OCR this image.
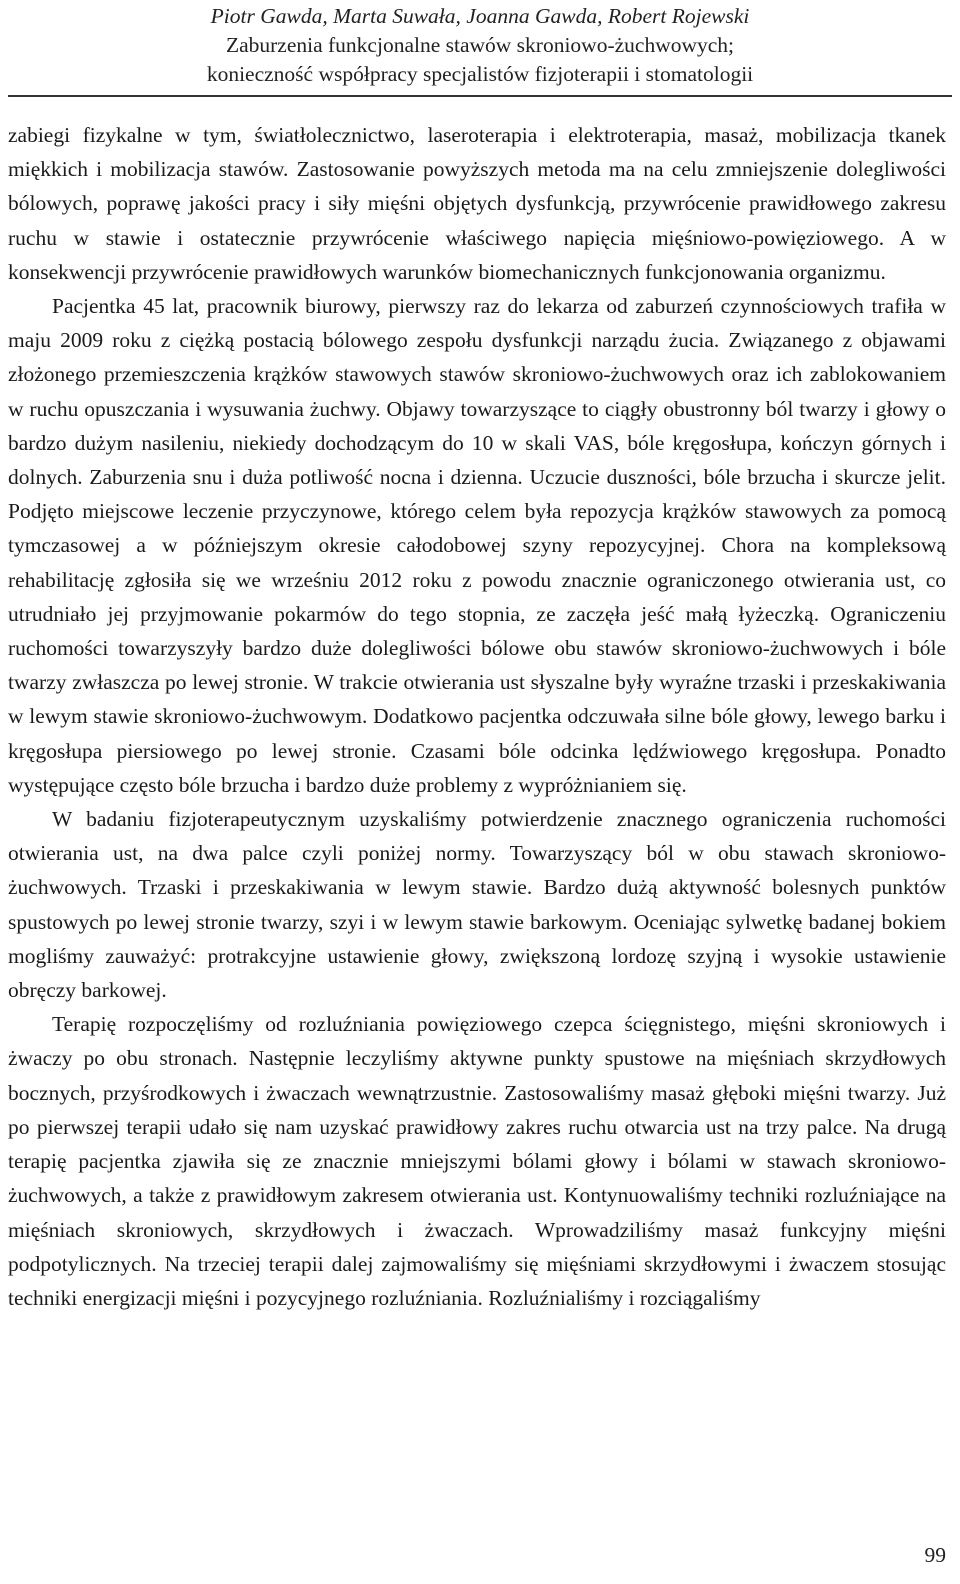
Piotr Gawda, Marta Suwała, Joanna Gawda, Robert Rojewski
Zaburzenia funkcjonalne stawów skroniowo-żuchwowych;
konieczność współpracy specjalistów fizjoterapii i stomatologii

zabiegi fizykalne w tym, światłolecznictwo, laseroterapia i elektroterapia, masaż, mobilizacja tkanek miękkich i mobilizacja stawów. Zastosowanie powyższych metoda ma na celu zmniejszenie dolegliwości bólowych, poprawę jakości pracy i siły mięśni objętych dysfunkcją, przywrócenie prawidłowego zakresu ruchu w stawie i ostatecznie przywrócenie właściwego napięcia mięśniowo-powięziowego. A w konsekwencji przywrócenie prawidłowych warunków biomechanicznych funkcjonowania organizmu.

Pacjentka 45 lat, pracownik biurowy, pierwszy raz do lekarza od zaburzeń czynnościowych trafiła w maju 2009 roku z ciężką postacią bólowego zespołu dysfunkcji narządu żucia. Związanego z objawami złożonego przemieszczenia krążków stawowych stawów skroniowo-żuchwowych oraz ich zablokowaniem w ruchu opuszczania i wysuwania żuchwy. Objawy towarzyszące to ciągły obustronny ból twarzy i głowy o bardzo dużym nasileniu, niekiedy dochodzącym do 10 w skali VAS, bóle kręgosłupa, kończyn górnych i dolnych. Zaburzenia snu i duża potliwość nocna i dzienna. Uczucie duszności, bóle brzucha i skurcze jelit. Podjęto miejscowe leczenie przyczynowe, którego celem była repozycja krążków stawowych za pomocą tymczasowej a w późniejszym okresie całodobowej szyny repozycyjnej. Chora na kompleksową rehabilitację zgłosiła się we wrześniu 2012 roku z powodu znacznie ograniczonego otwierania ust, co utrudniało jej przyjmowanie pokarmów do tego stopnia, ze zaczęła jeść małą łyżeczką. Ograniczeniu ruchomości towarzyszyły bardzo duże dolegliwości bólowe obu stawów skroniowo-żuchwowych i bóle twarzy zwłaszcza po lewej stronie. W trakcie otwierania ust słyszalne były wyraźne trzaski i przeskakiwania w lewym stawie skroniowo-żuchwowym. Dodatkowo pacjentka odczuwała silne bóle głowy, lewego barku i kręgosłupa piersiowego po lewej stronie. Czasami bóle odcinka lędźwiowego kręgosłupa. Ponadto występujące często bóle brzucha i bardzo duże problemy z wypróżnianiem się.

W badaniu fizjoterapeutycznym uzyskaliśmy potwierdzenie znacznego ograniczenia ruchomości otwierania ust, na dwa palce czyli poniżej normy. Towarzyszący ból w obu stawach skroniowo-żuchwowych. Trzaski i przeskakiwania w lewym stawie. Bardzo dużą aktywność bolesnych punktów spustowych po lewej stronie twarzy, szyi i w lewym stawie barkowym. Oceniając sylwetkę badanej bokiem mogliśmy zauważyć: protrakcyjne ustawienie głowy, zwiększoną lordozę szyjną i wysokie ustawienie obręczy barkowej.

Terapię rozpoczęliśmy od rozluźniania powięziowego czepca ścięgnistego, mięśni skroniowych i żwaczy po obu stronach. Następnie leczyliśmy aktywne punkty spustowe na mięśniach skrzydłowych bocznych, przyśrodkowych i żwaczach wewnątrzustnie. Zastosowaliśmy masaż głęboki mięśni twarzy. Już po pierwszej terapii udało się nam uzyskać prawidłowy zakres ruchu otwarcia ust na trzy palce. Na drugą terapię pacjentka zjawiła się ze znacznie mniejszymi bólami głowy i bólami w stawach skroniowo-żuchwowych, a także z prawidłowym zakresem otwierania ust. Kontynuowaliśmy techniki rozluźniające na mięśniach skroniowych, skrzydłowych i żwaczach. Wprowadziliśmy masaż funkcyjny mięśni podpotylicznych. Na trzeciej terapii dalej zajmowaliśmy się mięśniami skrzydłowymi i żwaczem stosując techniki energizacji mięśni i pozycyjnego rozluźniania. Rozluźnialiśmy i rozciągaliśmy

99
